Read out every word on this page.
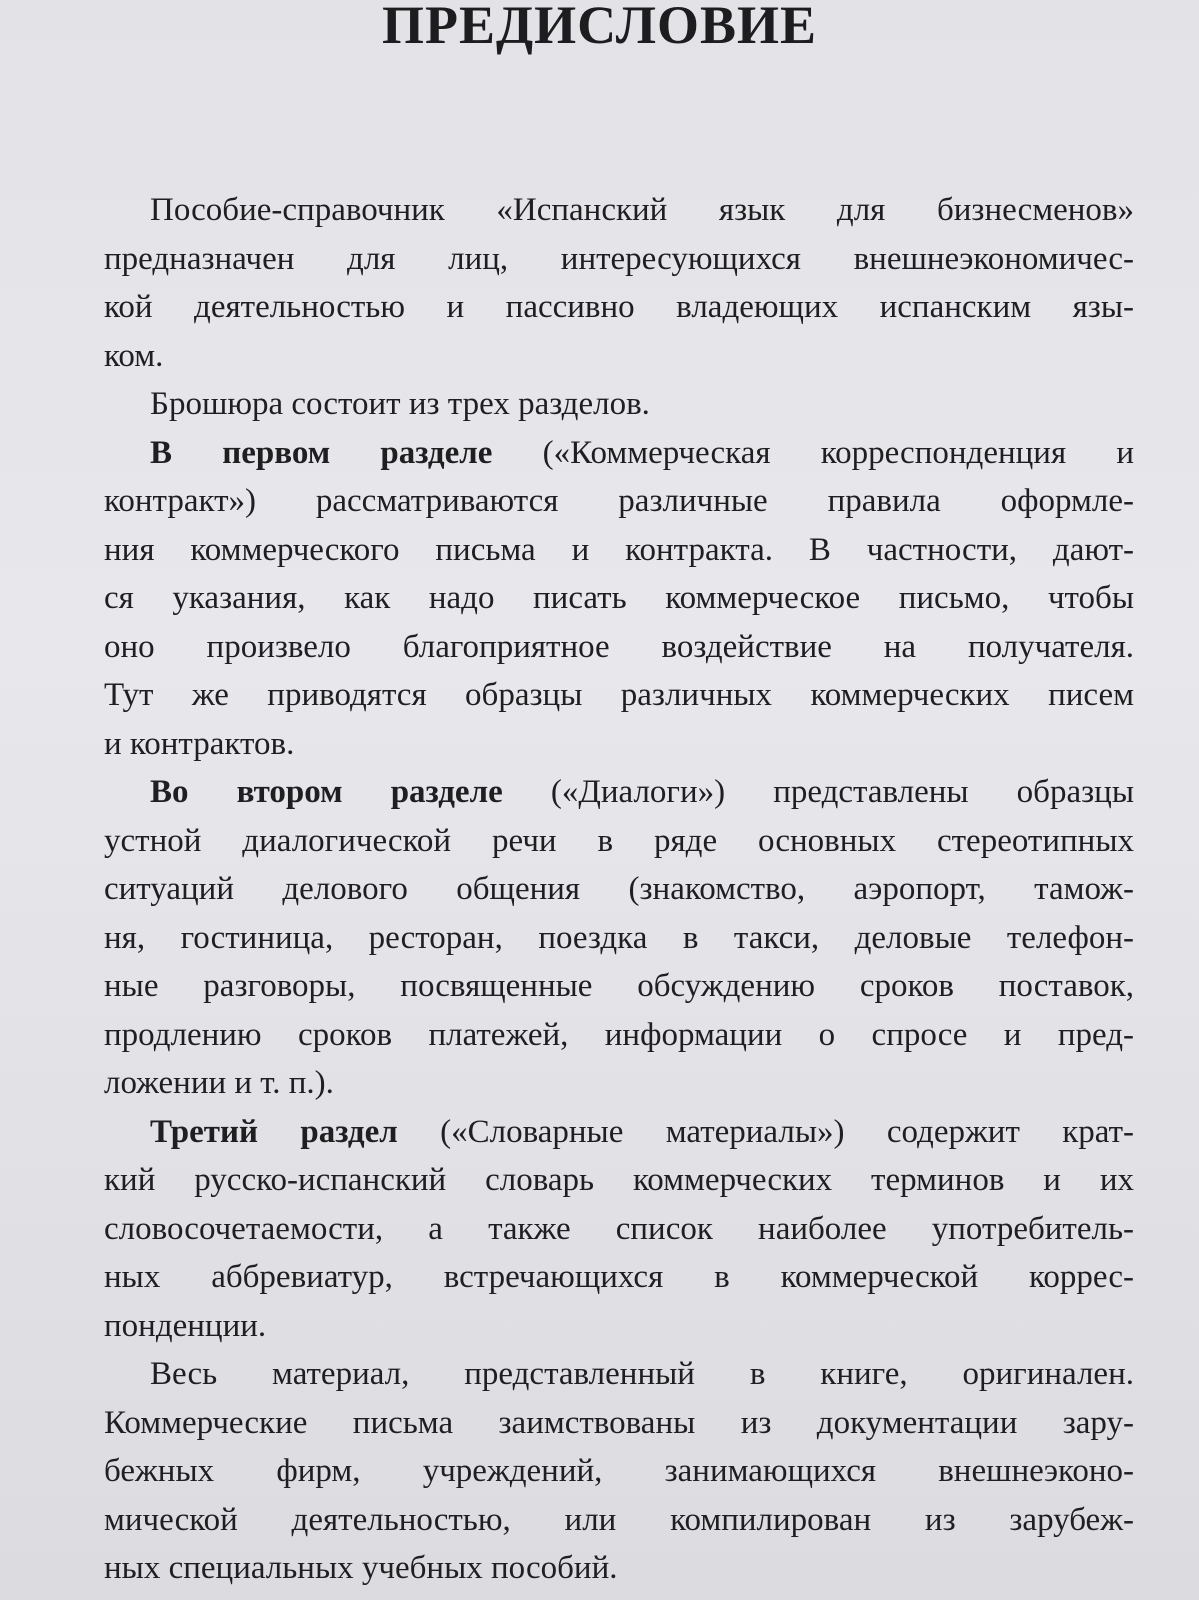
ПРЕДИСЛОВИЕ
Пособие-справочник «Испанский язык для бизнесменов»
предназначен для лиц, интересующихся внешнеэкономичес-
кой деятельностью и пассивно владеющих испанским язы-
ком.
Брошюра состоит из трех разделов.
В первом разделе («Коммерческая корреспонденция и
контракт») рассматриваются различные правила оформле-
ния коммерческого письма и контракта. В частности, дают-
ся указания, как надо писать коммерческое письмо, чтобы
оно произвело благоприятное воздействие на получателя.
Тут же приводятся образцы различных коммерческих писем
и контрактов.
Во втором разделе («Диалоги») представлены образцы
устной диалогической речи в ряде основных стереотипных
ситуаций делового общения (знакомство, аэропорт, тамож-
ня, гостиница, ресторан, поездка в такси, деловые телефон-
ные разговоры, посвященные обсуждению сроков поставок,
продлению сроков платежей, информации о спросе и пред-
ложении и т. п.).
Третий раздел («Словарные материалы») содержит крат-
кий русско-испанский словарь коммерческих терминов и их
словосочетаемости, а также список наиболее употребитель-
ных аббревиатур, встречающихся в коммерческой коррес-
понденции.
Весь материал, представленный в книге, оригинален.
Коммерческие письма заимствованы из документации зару-
бежных фирм, учреждений, занимающихся внешнеэконо-
мической деятельностью, или компилирован из зарубеж-
ных специальных учебных пособий.
